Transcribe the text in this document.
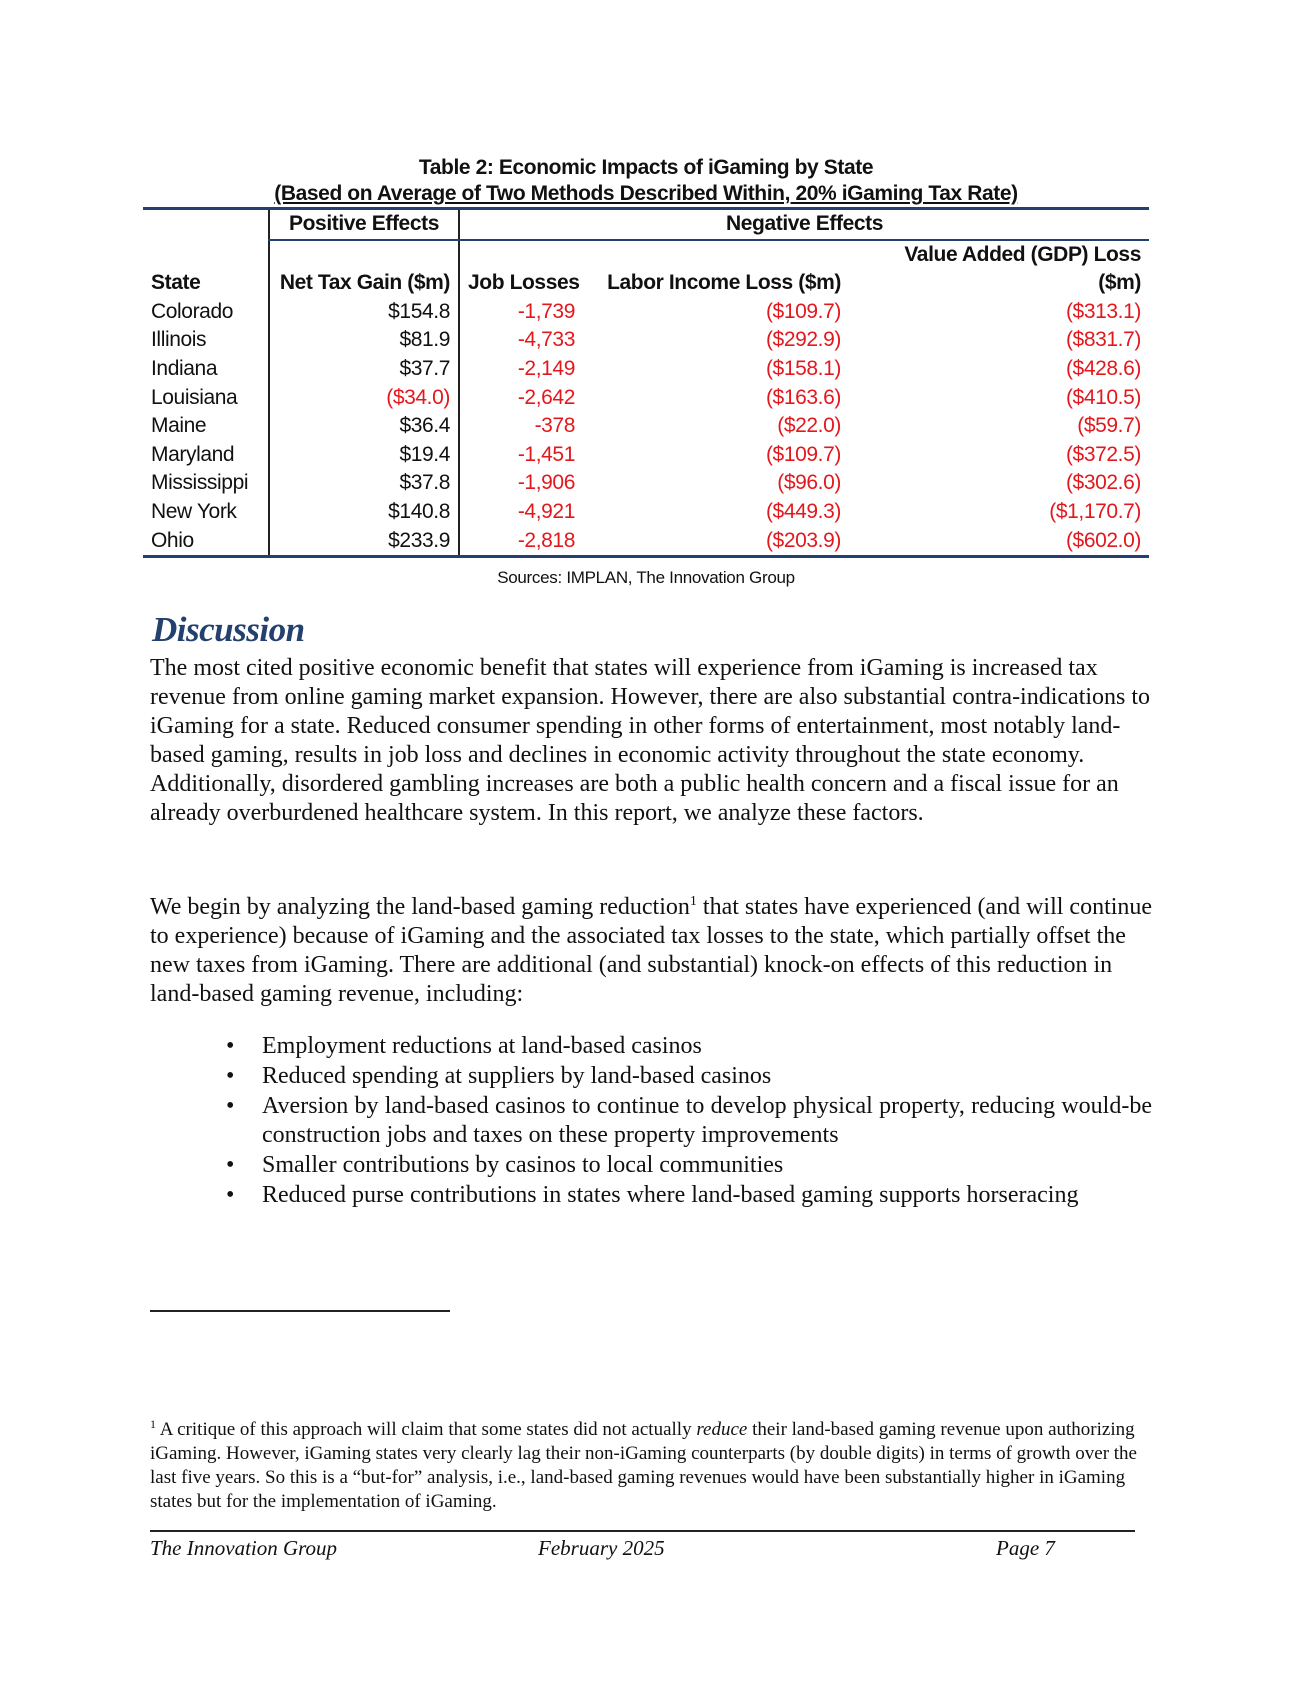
Table 2: Economic Impacts of iGaming by State
(Based on Average of Two Methods Described Within, 20% iGaming Tax Rate)
	Positive Effects	Negative Effects		
State	Net Tax Gain ($m)	Job Losses	Labor Income Loss ($m)	Value Added (GDP) Loss
($m)
Colorado	$154.8	-1,739	($109.7)	($313.1)
Illinois	$81.9	-4,733	($292.9)	($831.7)
Indiana	$37.7	-2,149	($158.1)	($428.6)
Louisiana	($34.0)	-2,642	($163.6)	($410.5)
Maine	$36.4	-378	($22.0)	($59.7)
Maryland	$19.4	-1,451	($109.7)	($372.5)
Mississippi	$37.8	-1,906	($96.0)	($302.6)
New York	$140.8	-4,921	($449.3)	($1,170.7)
Ohio	$233.9	-2,818	($203.9)	($602.0)
Sources: IMPLAN, The Innovation Group
Discussion
The most cited positive economic benefit that states will experience from iGaming is increased tax revenue from online gaming market expansion. However, there are also substantial contra-indications to iGaming for a state. Reduced consumer spending in other forms of entertainment, most notably land-based gaming, results in job loss and declines in economic activity throughout the state economy. Additionally, disordered gambling increases are both a public health concern and a fiscal issue for an already overburdened healthcare system. In this report, we analyze these factors.
We begin by analyzing the land-based gaming reduction$^1$ that states have experienced (and will continue to experience) because of iGaming and the associated tax losses to the state, which partially offset the new taxes from iGaming. There are additional (and substantial) knock-on effects of this reduction in land-based gaming revenue, including:
• Employment reductions at land-based casinos
• Reduced spending at suppliers by land-based casinos
• Aversion by land-based casinos to continue to develop physical property, reducing would-be construction jobs and taxes on these property improvements
• Smaller contributions by casinos to local communities
• Reduced purse contributions in states where land-based gaming supports horseracing
$^1$ A critique of this approach will claim that some states did not actually reduce their land-based gaming revenue upon authorizing iGaming. However, iGaming states very clearly lag their non-iGaming counterparts (by double digits) in terms of growth over the last five years. So this is a “but-for” analysis, i.e., land-based gaming revenues would have been substantially higher in iGaming states but for the implementation of iGaming.
The Innovation Group	February 2025	Page 7
